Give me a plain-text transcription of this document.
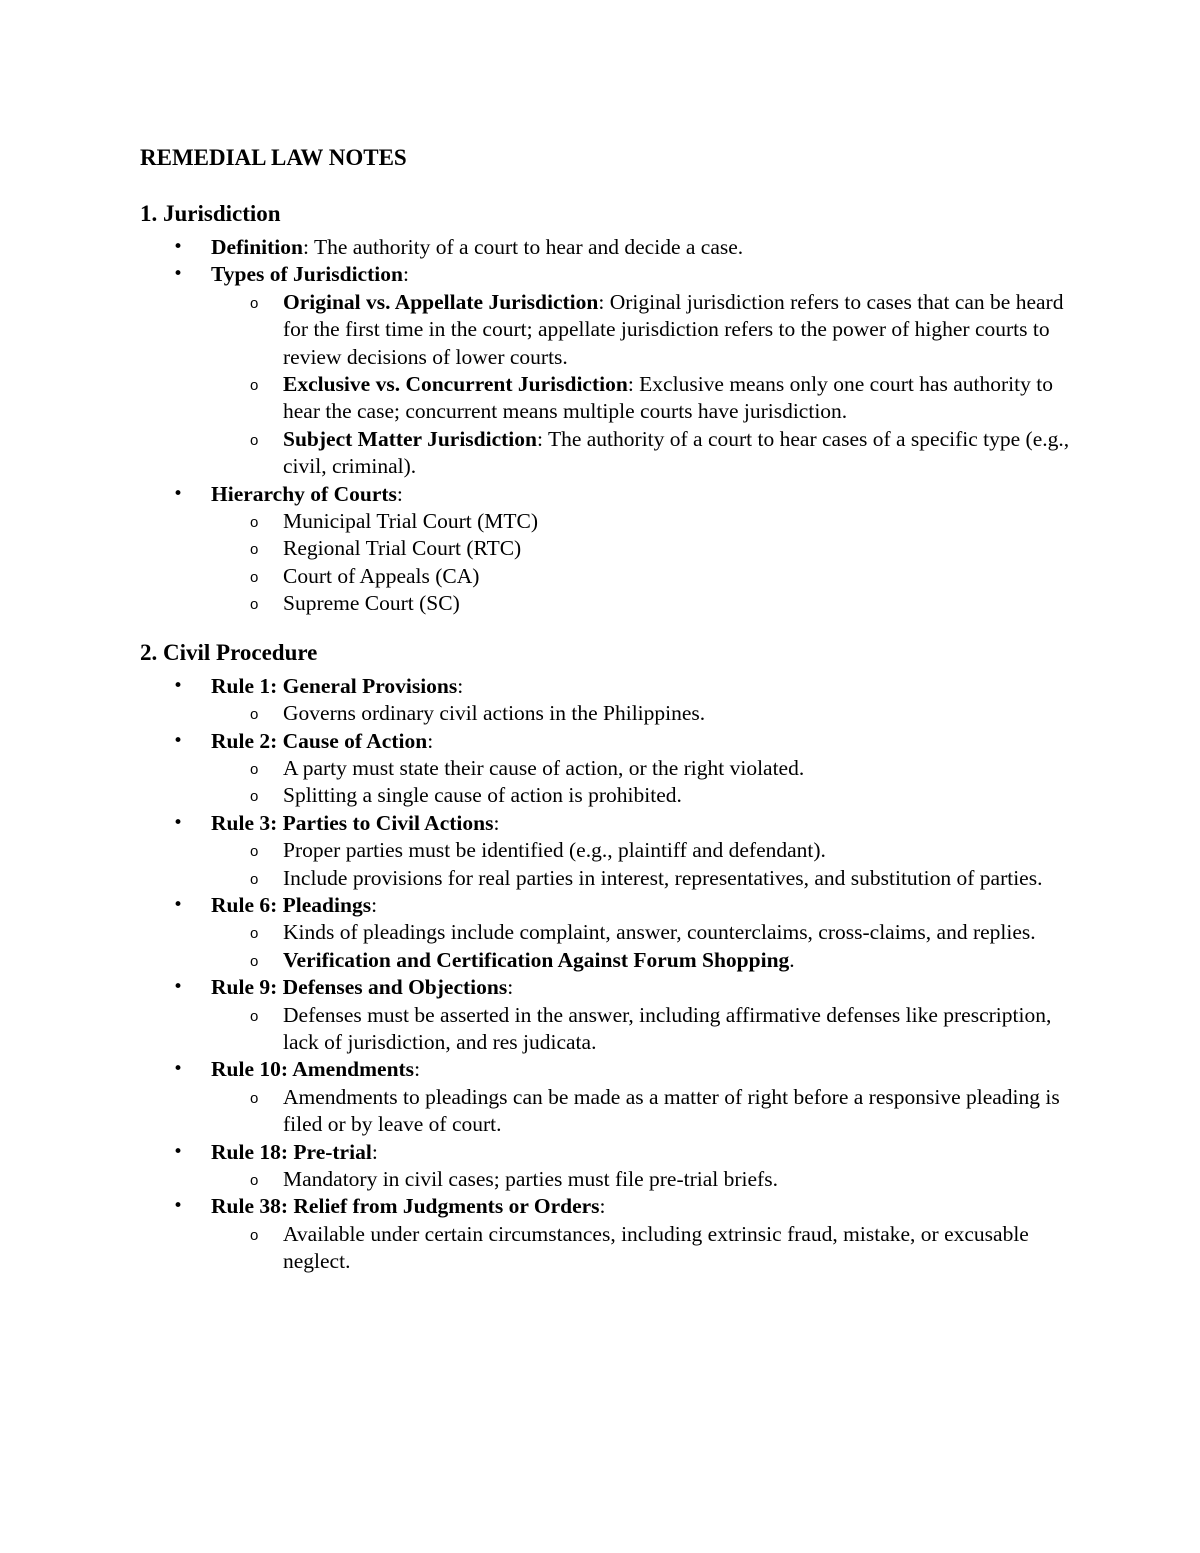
REMEDIAL LAW NOTES
1. Jurisdiction
• Definition: The authority of a court to hear and decide a case.
• Types of Jurisdiction:
o Original vs. Appellate Jurisdiction: Original jurisdiction refers to cases that can be heard for the first time in the court; appellate jurisdiction refers to the power of higher courts to review decisions of lower courts.
o Exclusive vs. Concurrent Jurisdiction: Exclusive means only one court has authority to hear the case; concurrent means multiple courts have jurisdiction.
o Subject Matter Jurisdiction: The authority of a court to hear cases of a specific type (e.g., civil, criminal).
• Hierarchy of Courts:
o Municipal Trial Court (MTC)
o Regional Trial Court (RTC)
o Court of Appeals (CA)
o Supreme Court (SC)
2. Civil Procedure
• Rule 1: General Provisions:
o Governs ordinary civil actions in the Philippines.
• Rule 2: Cause of Action:
o A party must state their cause of action, or the right violated.
o Splitting a single cause of action is prohibited.
• Rule 3: Parties to Civil Actions:
o Proper parties must be identified (e.g., plaintiff and defendant).
o Include provisions for real parties in interest, representatives, and substitution of parties.
• Rule 6: Pleadings:
o Kinds of pleadings include complaint, answer, counterclaims, cross-claims, and replies.
o Verification and Certification Against Forum Shopping.
• Rule 9: Defenses and Objections:
o Defenses must be asserted in the answer, including affirmative defenses like prescription, lack of jurisdiction, and res judicata.
• Rule 10: Amendments:
o Amendments to pleadings can be made as a matter of right before a responsive pleading is filed or by leave of court.
• Rule 18: Pre-trial:
o Mandatory in civil cases; parties must file pre-trial briefs.
• Rule 38: Relief from Judgments or Orders:
o Available under certain circumstances, including extrinsic fraud, mistake, or excusable neglect.
